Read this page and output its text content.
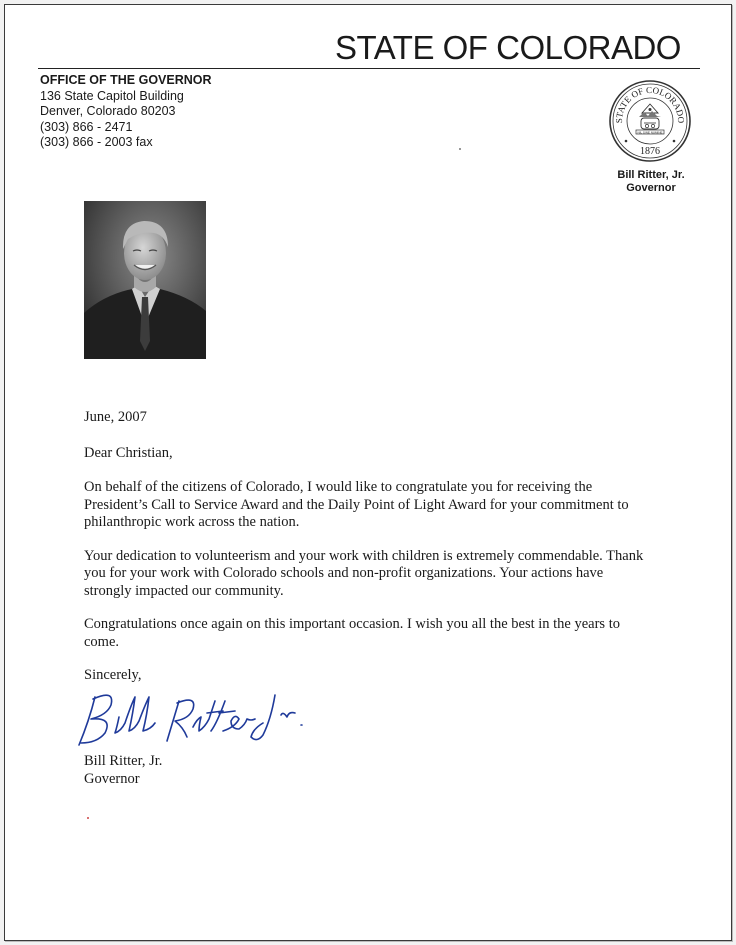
STATE OF COLORADO
OFFICE OF THE GOVERNOR
136 State Capitol Building
Denver, Colorado 80203
(303) 866 - 2471
(303) 866 - 2003 fax
STATE OF COLORADO
NIL SINE NUMINE
1876
Bill Ritter, Jr.
Governor

June, 2007

Dear Christian,

On behalf of the citizens of Colorado, I would like to congratulate you for receiving the President’s Call to Service Award and the Daily Point of Light Award for your commitment to philanthropic work across the nation.

Your dedication to volunteerism and your work with children is extremely commendable. Thank you for your work with Colorado schools and non-profit organizations. Your actions have strongly impacted our community.

Congratulations once again on this important occasion. I wish you all the best in the years to come.

Sincerely,

Bill Ritter, Jr.
Governor
